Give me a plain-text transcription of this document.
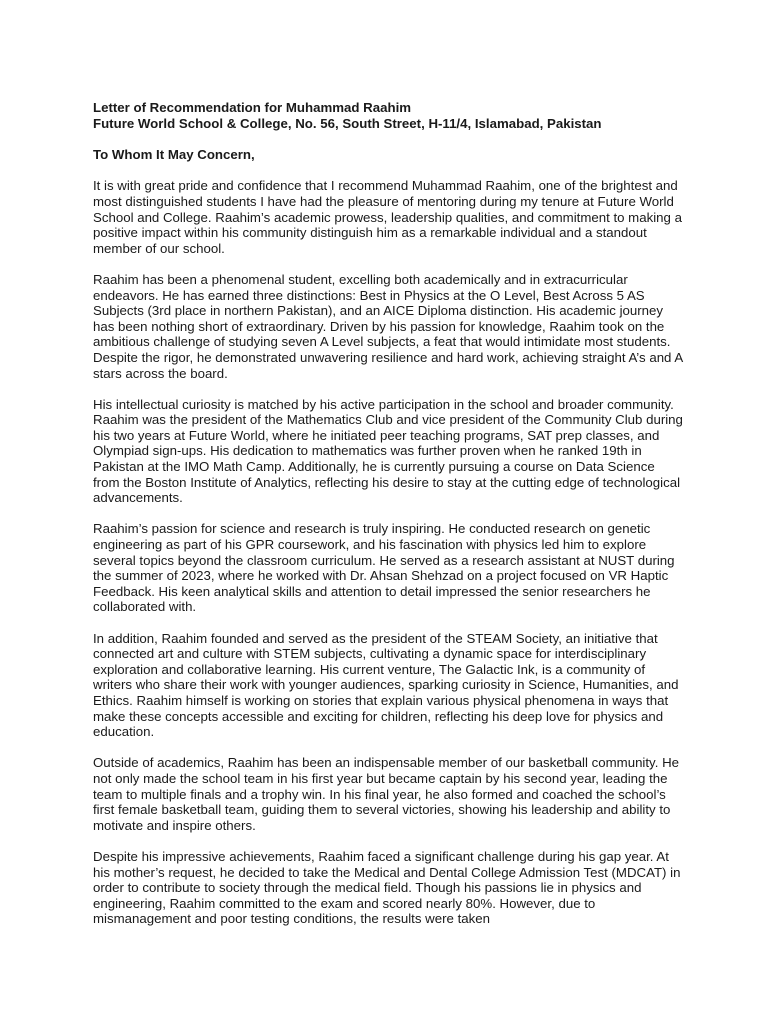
Letter of Recommendation for Muhammad Raahim

Future World School & College, No. 56, South Street, H-11/4, Islamabad, Pakistan

To Whom It May Concern,

It is with great pride and confidence that I recommend Muhammad Raahim, one of the brightest and most distinguished students I have had the pleasure of mentoring during my tenure at Future World School and College. Raahim’s academic prowess, leadership qualities, and commitment to making a positive impact within his community distinguish him as a remarkable individual and a standout member of our school.

Raahim has been a phenomenal student, excelling both academically and in extracurricular endeavors. He has earned three distinctions: Best in Physics at the O Level, Best Across 5 AS Subjects (3rd place in northern Pakistan), and an AICE Diploma distinction. His academic journey has been nothing short of extraordinary. Driven by his passion for knowledge, Raahim took on the ambitious challenge of studying seven A Level subjects, a feat that would intimidate most students. Despite the rigor, he demonstrated unwavering resilience and hard work, achieving straight A’s and A stars across the board.

His intellectual curiosity is matched by his active participation in the school and broader community. Raahim was the president of the Mathematics Club and vice president of the Community Club during his two years at Future World, where he initiated peer teaching programs, SAT prep classes, and Olympiad sign-ups. His dedication to mathematics was further proven when he ranked 19th in Pakistan at the IMO Math Camp. Additionally, he is currently pursuing a course on Data Science from the Boston Institute of Analytics, reflecting his desire to stay at the cutting edge of technological advancements.

Raahim’s passion for science and research is truly inspiring. He conducted research on genetic engineering as part of his GPR coursework, and his fascination with physics led him to explore several topics beyond the classroom curriculum. He served as a research assistant at NUST during the summer of 2023, where he worked with Dr. Ahsan Shehzad on a project focused on VR Haptic Feedback. His keen analytical skills and attention to detail impressed the senior researchers he collaborated with.

In addition, Raahim founded and served as the president of the STEAM Society, an initiative that connected art and culture with STEM subjects, cultivating a dynamic space for interdisciplinary exploration and collaborative learning. His current venture, The Galactic Ink, is a community of writers who share their work with younger audiences, sparking curiosity in Science, Humanities, and Ethics. Raahim himself is working on stories that explain various physical phenomena in ways that make these concepts accessible and exciting for children, reflecting his deep love for physics and education.

Outside of academics, Raahim has been an indispensable member of our basketball community. He not only made the school team in his first year but became captain by his second year, leading the team to multiple finals and a trophy win. In his final year, he also formed and coached the school’s first female basketball team, guiding them to several victories, showing his leadership and ability to motivate and inspire others.

Despite his impressive achievements, Raahim faced a significant challenge during his gap year. At his mother’s request, he decided to take the Medical and Dental College Admission Test (MDCAT) in order to contribute to society through the medical field. Though his passions lie in physics and engineering, Raahim committed to the exam and scored nearly 80%. However, due to mismanagement and poor testing conditions, the results were taken
